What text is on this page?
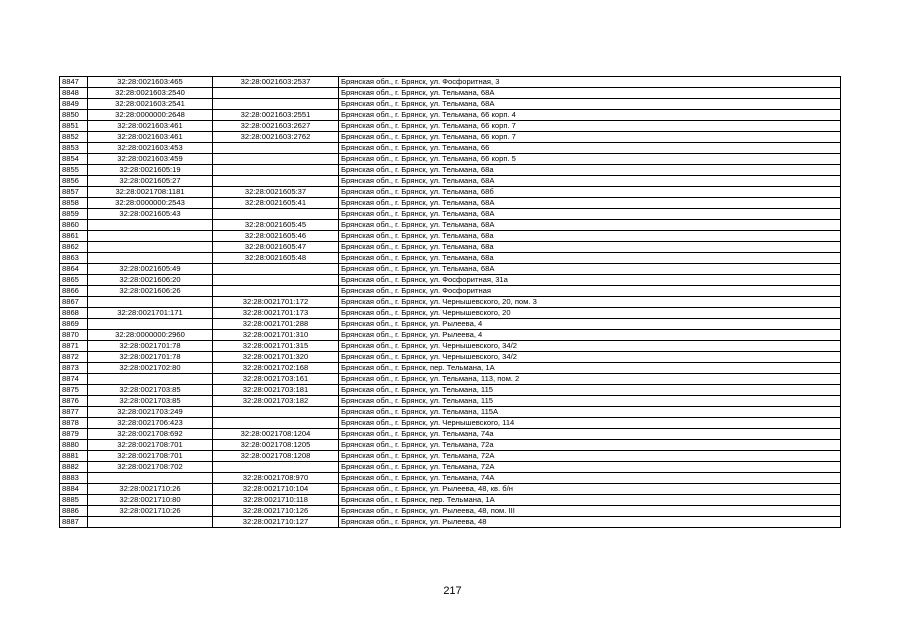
8847	32:28:0021603:465	32:28:0021603:2537	Брянская обл., г. Брянск, ул. Фосфоритная, 3
8848	32:28:0021603:2540		Брянская обл., г. Брянск, ул. Тельмана, 68А
8849	32:28:0021603:2541		Брянская обл., г. Брянск, ул. Тельмана, 68А
8850	32:28:0000000:2648	32:28:0021603:2551	Брянская обл., г. Брянск, ул. Тельмана, 66 корп. 4
8851	32:28:0021603:461	32:28:0021603:2627	Брянская обл., г. Брянск, ул. Тельмана, 66 корп. 7
8852	32:28:0021603:461	32:28:0021603:2762	Брянская обл., г. Брянск, ул. Тельмана, 66 корп. 7
8853	32:28:0021603:453		Брянская обл., г. Брянск, ул. Тельмана, 66
8854	32:28:0021603:459		Брянская обл., г. Брянск, ул. Тельмана, 66 корп. 5
8855	32:28:0021605:19		Брянская обл., г. Брянск, ул. Тельмана, 68а
8856	32:28:0021605:27		Брянская обл., г. Брянск, ул. Тельмана, 68А
8857	32:28:0021708:1181	32:28:0021605:37	Брянская обл., г. Брянск, ул. Тельмана, 68б
8858	32:28:0000000:2543	32:28:0021605:41	Брянская обл., г. Брянск, ул. Тельмана, 68А
8859	32:28:0021605:43		Брянская обл., г. Брянск, ул. Тельмана, 68А
8860		32:28:0021605:45	Брянская обл., г. Брянск, ул. Тельмана, 68А
8861		32:28:0021605:46	Брянская обл., г. Брянск, ул. Тельмана, 68а
8862		32:28:0021605:47	Брянская обл., г. Брянск, ул. Тельмана, 68а
8863		32:28:0021605:48	Брянская обл., г. Брянск, ул. Тельмана, 68а
8864	32:28:0021605:49		Брянская обл., г. Брянск, ул. Тельмана, 68А
8865	32:28:0021606:20		Брянская обл., г. Брянск, ул. Фосфоритная, 31а
8866	32:28:0021606:26		Брянская обл., г. Брянск, ул. Фосфоритная
8867		32:28:0021701:172	Брянская обл., г. Брянск, ул. Чернышевского, 20, пом. 3
8868	32:28:0021701:171	32:28:0021701:173	Брянская обл., г. Брянск, ул. Чернышевского, 20
8869		32:28:0021701:288	Брянская обл., г. Брянск, ул. Рылеева, 4
8870	32:28:0000000:2960	32:28:0021701:310	Брянская обл., г. Брянск, ул. Рылеева, 4
8871	32:28:0021701:78	32:28:0021701:315	Брянская обл., г. Брянск, ул. Чернышевского, 34/2
8872	32:28:0021701:78	32:28:0021701:320	Брянская обл., г. Брянск, ул. Чернышевского, 34/2
8873	32:28:0021702:80	32:28:0021702:168	Брянская обл., г. Брянск, пер. Тельмана, 1А
8874		32:28:0021703:161	Брянская обл., г. Брянск, ул. Тельмана, 113, пом. 2
8875	32:28:0021703:85	32:28:0021703:181	Брянская обл., г. Брянск, ул. Тельмана, 115
8876	32:28:0021703:85	32:28:0021703:182	Брянская обл., г. Брянск, ул. Тельмана, 115
8877	32:28:0021703:249		Брянская обл., г. Брянск, ул. Тельмана, 115А
8878	32:28:0021706:423		Брянская обл., г. Брянск, ул. Чернышевского, 114
8879	32:28:0021708:692	32:28:0021708:1204	Брянская обл., г. Брянск, ул. Тельмана, 74а
8880	32:28:0021708:701	32:28:0021708:1205	Брянская обл., г. Брянск, ул. Тельмана, 72а
8881	32:28:0021708:701	32:28:0021708:1208	Брянская обл., г. Брянск, ул. Тельмана, 72А
8882	32:28:0021708:702		Брянская обл., г. Брянск, ул. Тельмана, 72А
8883		32:28:0021708:970	Брянская обл., г. Брянск, ул. Тельмана, 74А
8884	32:28:0021710:26	32:28:0021710:104	Брянская обл., г. Брянск, ул. Рылеева, 48, кв. б/н
8885	32:28:0021710:80	32:28:0021710:118	Брянская обл., г. Брянск, пер. Тельмана, 1А
8886	32:28:0021710:26	32:28:0021710:126	Брянская обл., г. Брянск, ул. Рылеева, 48, пом. III
8887		32:28:0021710:127	Брянская обл., г. Брянск, ул. Рылеева, 48
217
